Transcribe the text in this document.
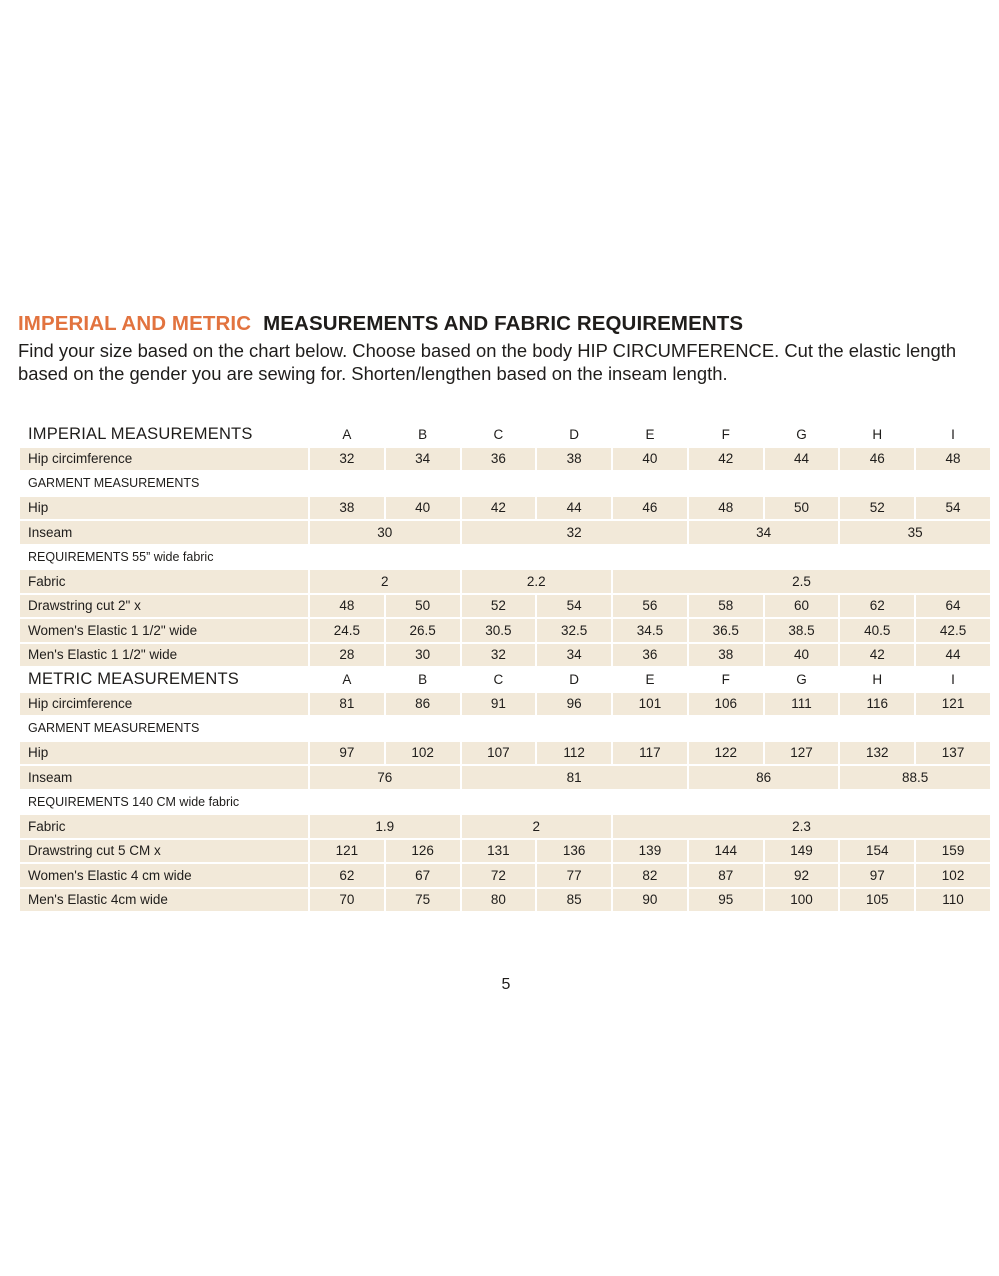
IMPERIAL AND METRIC MEASUREMENTS AND FABRIC REQUIREMENTS
Find your size based on the chart below. Choose based on the body HIP CIRCUMFERENCE. Cut the elastic length based on the gender you are sewing for. Shorten/lengthen based on the inseam length.
IMPERIAL MEASUREMENTS	A	B	C	D	E	F	G	H	I
Hip circimference	32	34	36	38	40	42	44	46	48
GARMENT MEASUREMENTS									
Hip	38	40	42	44	46	48	50	52	54
Inseam	30		32			34		35	
REQUIREMENTS 55” wide fabric									
Fabric	2		2.2		2.5				
Drawstring cut 2" x	48	50	52	54	56	58	60	62	64
Women's Elastic 1 1/2" wide	24.5	26.5	30.5	32.5	34.5	36.5	38.5	40.5	42.5
Men's Elastic 1 1/2" wide	28	30	32	34	36	38	40	42	44
METRIC MEASUREMENTS	A	B	C	D	E	F	G	H	I
Hip circimference	81	86	91	96	101	106	111	116	121
GARMENT MEASUREMENTS									
Hip	97	102	107	112	117	122	127	132	137
Inseam	76		81			86		88.5	
REQUIREMENTS 140 CM wide fabric									
Fabric	1.9		2		2.3				
Drawstring cut 5 CM x	121	126	131	136	139	144	149	154	159
Women's Elastic 4 cm wide	62	67	72	77	82	87	92	97	102
Men's Elastic 4cm wide	70	75	80	85	90	95	100	105	110
5
